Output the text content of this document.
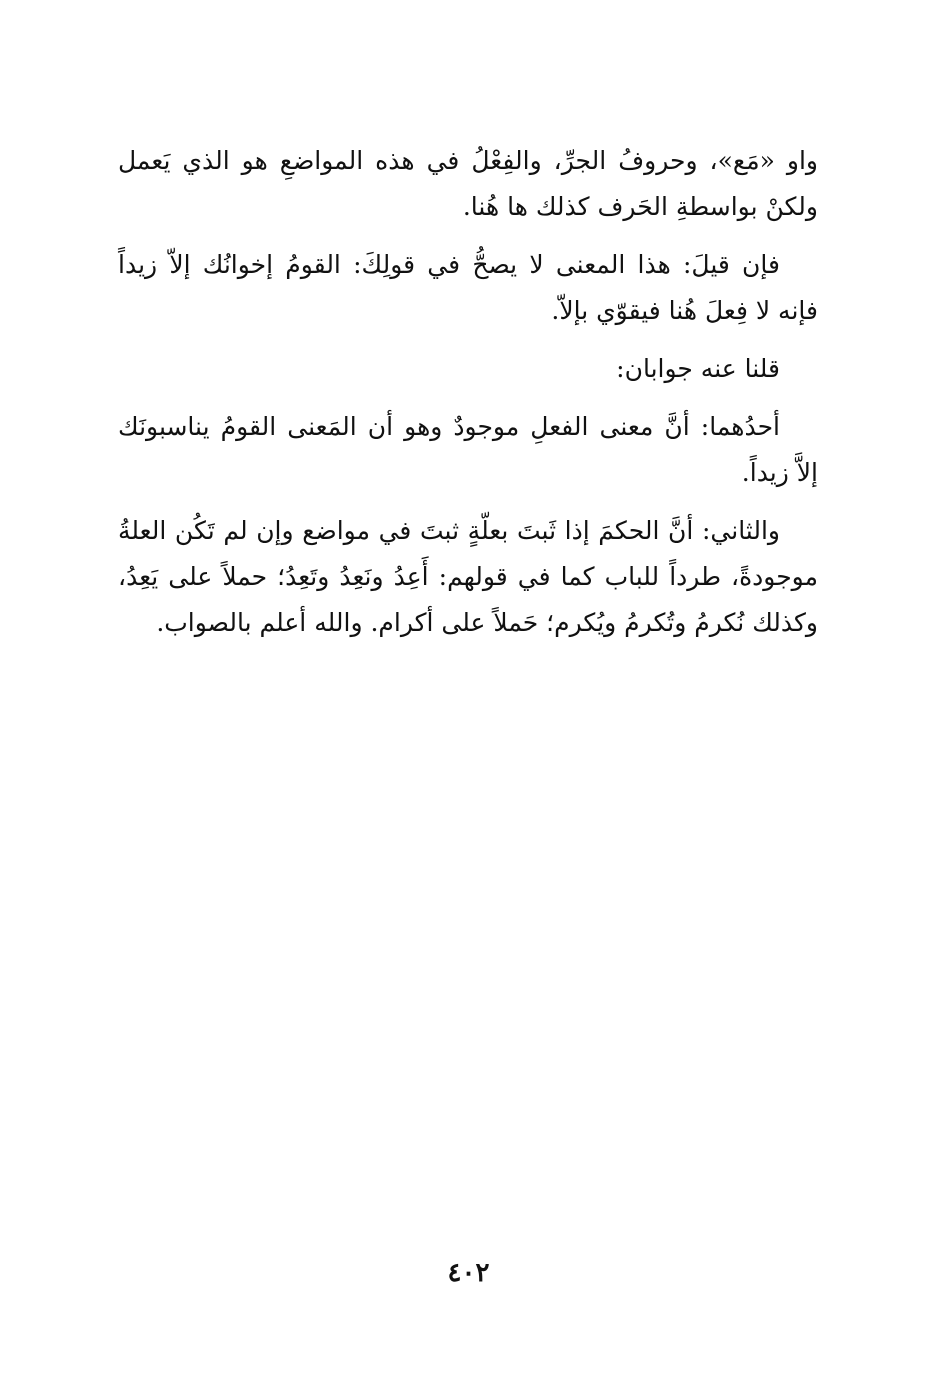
واو «مَع»، وحروفُ الجرِّ، والفِعْلُ في هذه المواضعِ هو الذي يَعمل ولكنْ بواسطةِ الحَرف كذلك ها هُنا.

فإن قيلَ: هذا المعنى لا يصحُّ في قولِكَ: القومُ إخوانُك إلاّ زيداً فإنه لا فِعلَ هُنا فيقوّي بإلاّ.

قلنا عنه جوابان:

أحدُهما: أنَّ معنى الفعلِ موجودٌ وهو أن المَعنى القومُ يناسبونَك إلاَّ زيداً.

والثاني: أنَّ الحكمَ إذا ثَبتَ بعلّةٍ ثبتَ في مواضع وإن لم تَكُن العلةُ موجودةً، طرداً للباب كما في قولهم: أَعِدُ ونَعِدُ وتَعِدُ؛ حملاً على يَعِدُ، وكذلك نُكرمُ وتُكرمُ ويُكرم؛ حَملاً على أكرام. والله أعلم بالصواب.

٤٠٢
